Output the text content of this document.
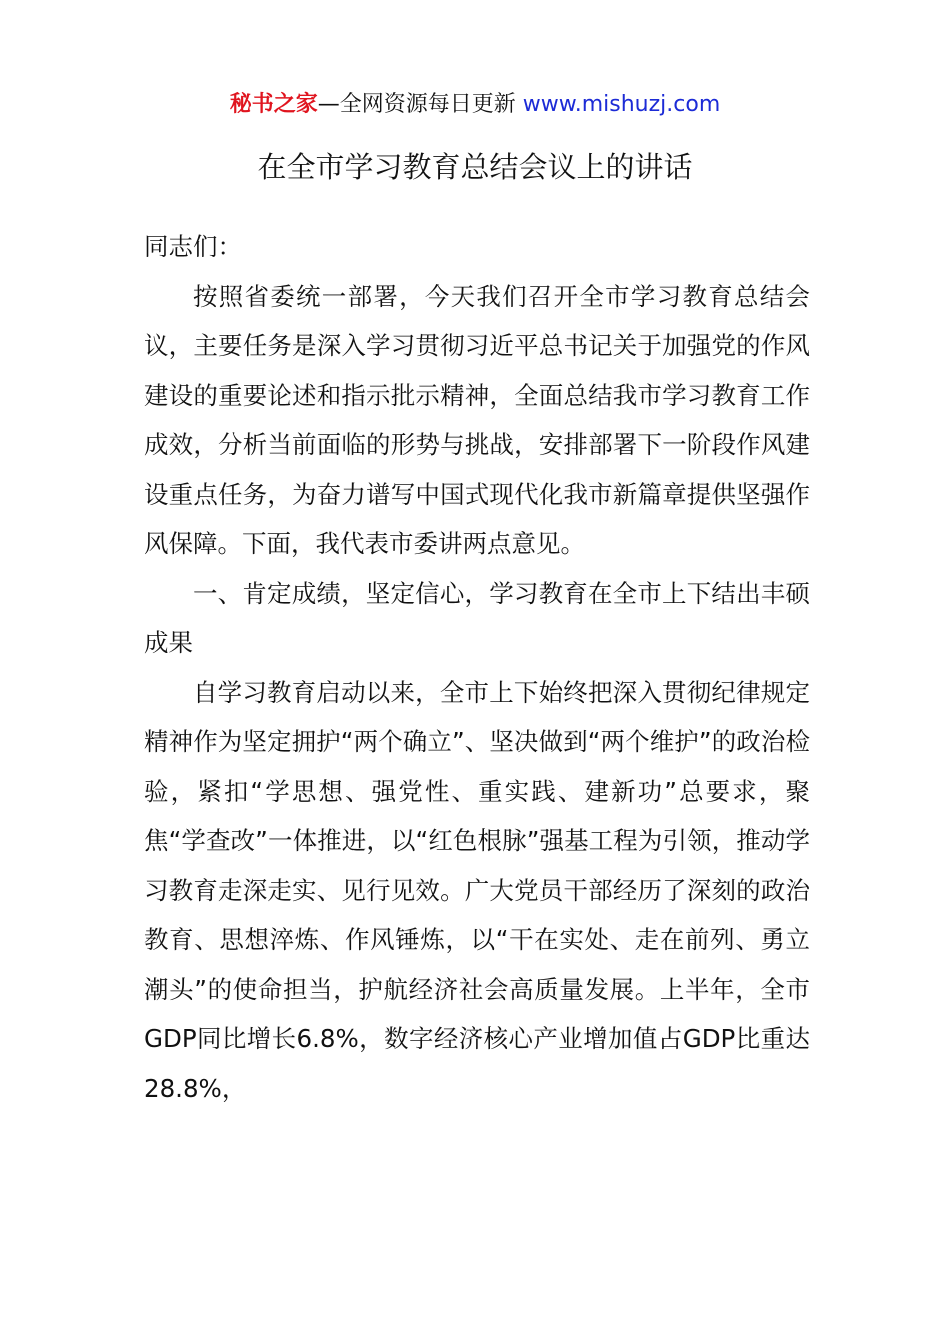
秘书之家—全网资源每日更新 www.mishuzj.com
在全市学习教育总结会议上的讲话

同志们：

按照省委统一部署，今天我们召开全市学习教育总结会议，主要任务是深入学习贯彻习近平总书记关于加强党的作风建设的重要论述和指示批示精神，全面总结我市学习教育工作成效，分析当前面临的形势与挑战，安排部署下一阶段作风建设重点任务，为奋力谱写中国式现代化我市新篇章提供坚强作风保障。下面，我代表市委讲两点意见。

一、肯定成绩，坚定信心，学习教育在全市上下结出丰硕成果

自学习教育启动以来，全市上下始终把深入贯彻纪律规定精神作为坚定拥护“两个确立”、坚决做到“两个维护”的政治检验，紧扣“学思想、强党性、重实践、建新功”总要求，聚焦“学查改”一体推进，以“红色根脉”强基工程为引领，推动学习教育走深走实、见行见效。广大党员干部经历了深刻的政治教育、思想淬炼、作风锤炼，以“干在实处、走在前列、勇立潮头”的使命担当，护航经济社会高质量发展。上半年，全市GDP同比增长6.8%，数字经济核心产业增加值占GDP比重达28.8%，
